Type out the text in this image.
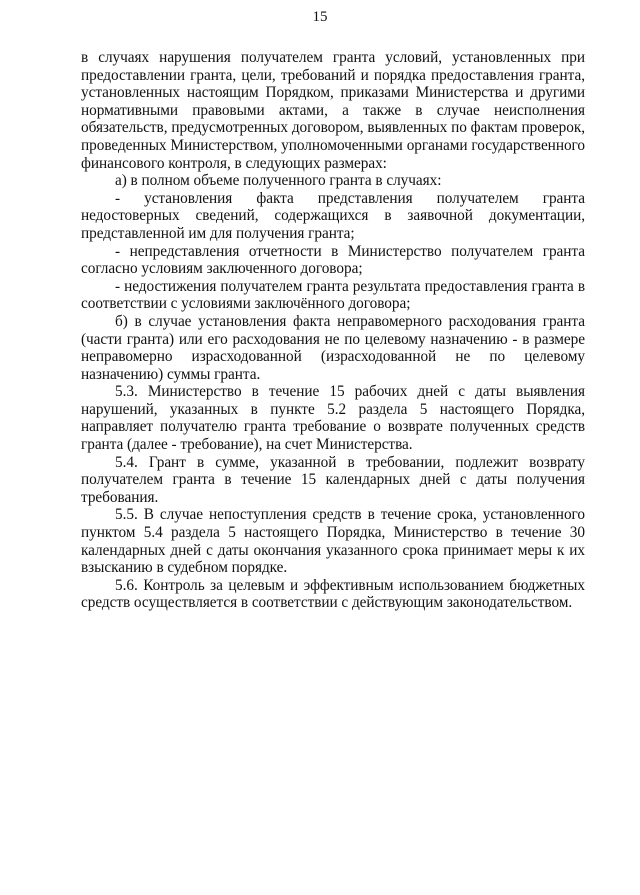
15

в случаях нарушения получателем гранта условий, установленных при предоставлении гранта, цели, требований и порядка предоставления гранта, установленных настоящим Порядком, приказами Министерства и другими нормативными правовыми актами, а также в случае неисполнения обязательств, предусмотренных договором, выявленных по фактам проверок, проведенных Министерством, уполномоченными органами государственного финансового контроля, в следующих размерах:

а) в полном объеме полученного гранта в случаях:

- установления факта представления получателем гранта недостоверных сведений, содержащихся в заявочной документации, представленной им для получения гранта;

- непредставления отчетности в Министерство получателем гранта согласно условиям заключенного договора;

- недостижения получателем гранта результата предоставления гранта в соответствии с условиями заключённого договора;

б) в случае установления факта неправомерного расходования гранта (части гранта) или его расходования не по целевому назначению - в размере неправомерно израсходованной (израсходованной не по целевому назначению) суммы гранта.

5.3. Министерство в течение 15 рабочих дней с даты выявления нарушений, указанных в пункте 5.2 раздела 5 настоящего Порядка, направляет получателю гранта требование о возврате полученных средств гранта (далее - требование), на счет Министерства.

5.4. Грант в сумме, указанной в требовании, подлежит возврату получателем гранта в течение 15 календарных дней с даты получения требования.

5.5. В случае непоступления средств в течение срока, установленного пунктом 5.4 раздела 5 настоящего Порядка, Министерство в течение 30 календарных дней с даты окончания указанного срока принимает меры к их взысканию в судебном порядке.

5.6. Контроль за целевым и эффективным использованием бюджетных средств осуществляется в соответствии с действующим законодательством.
